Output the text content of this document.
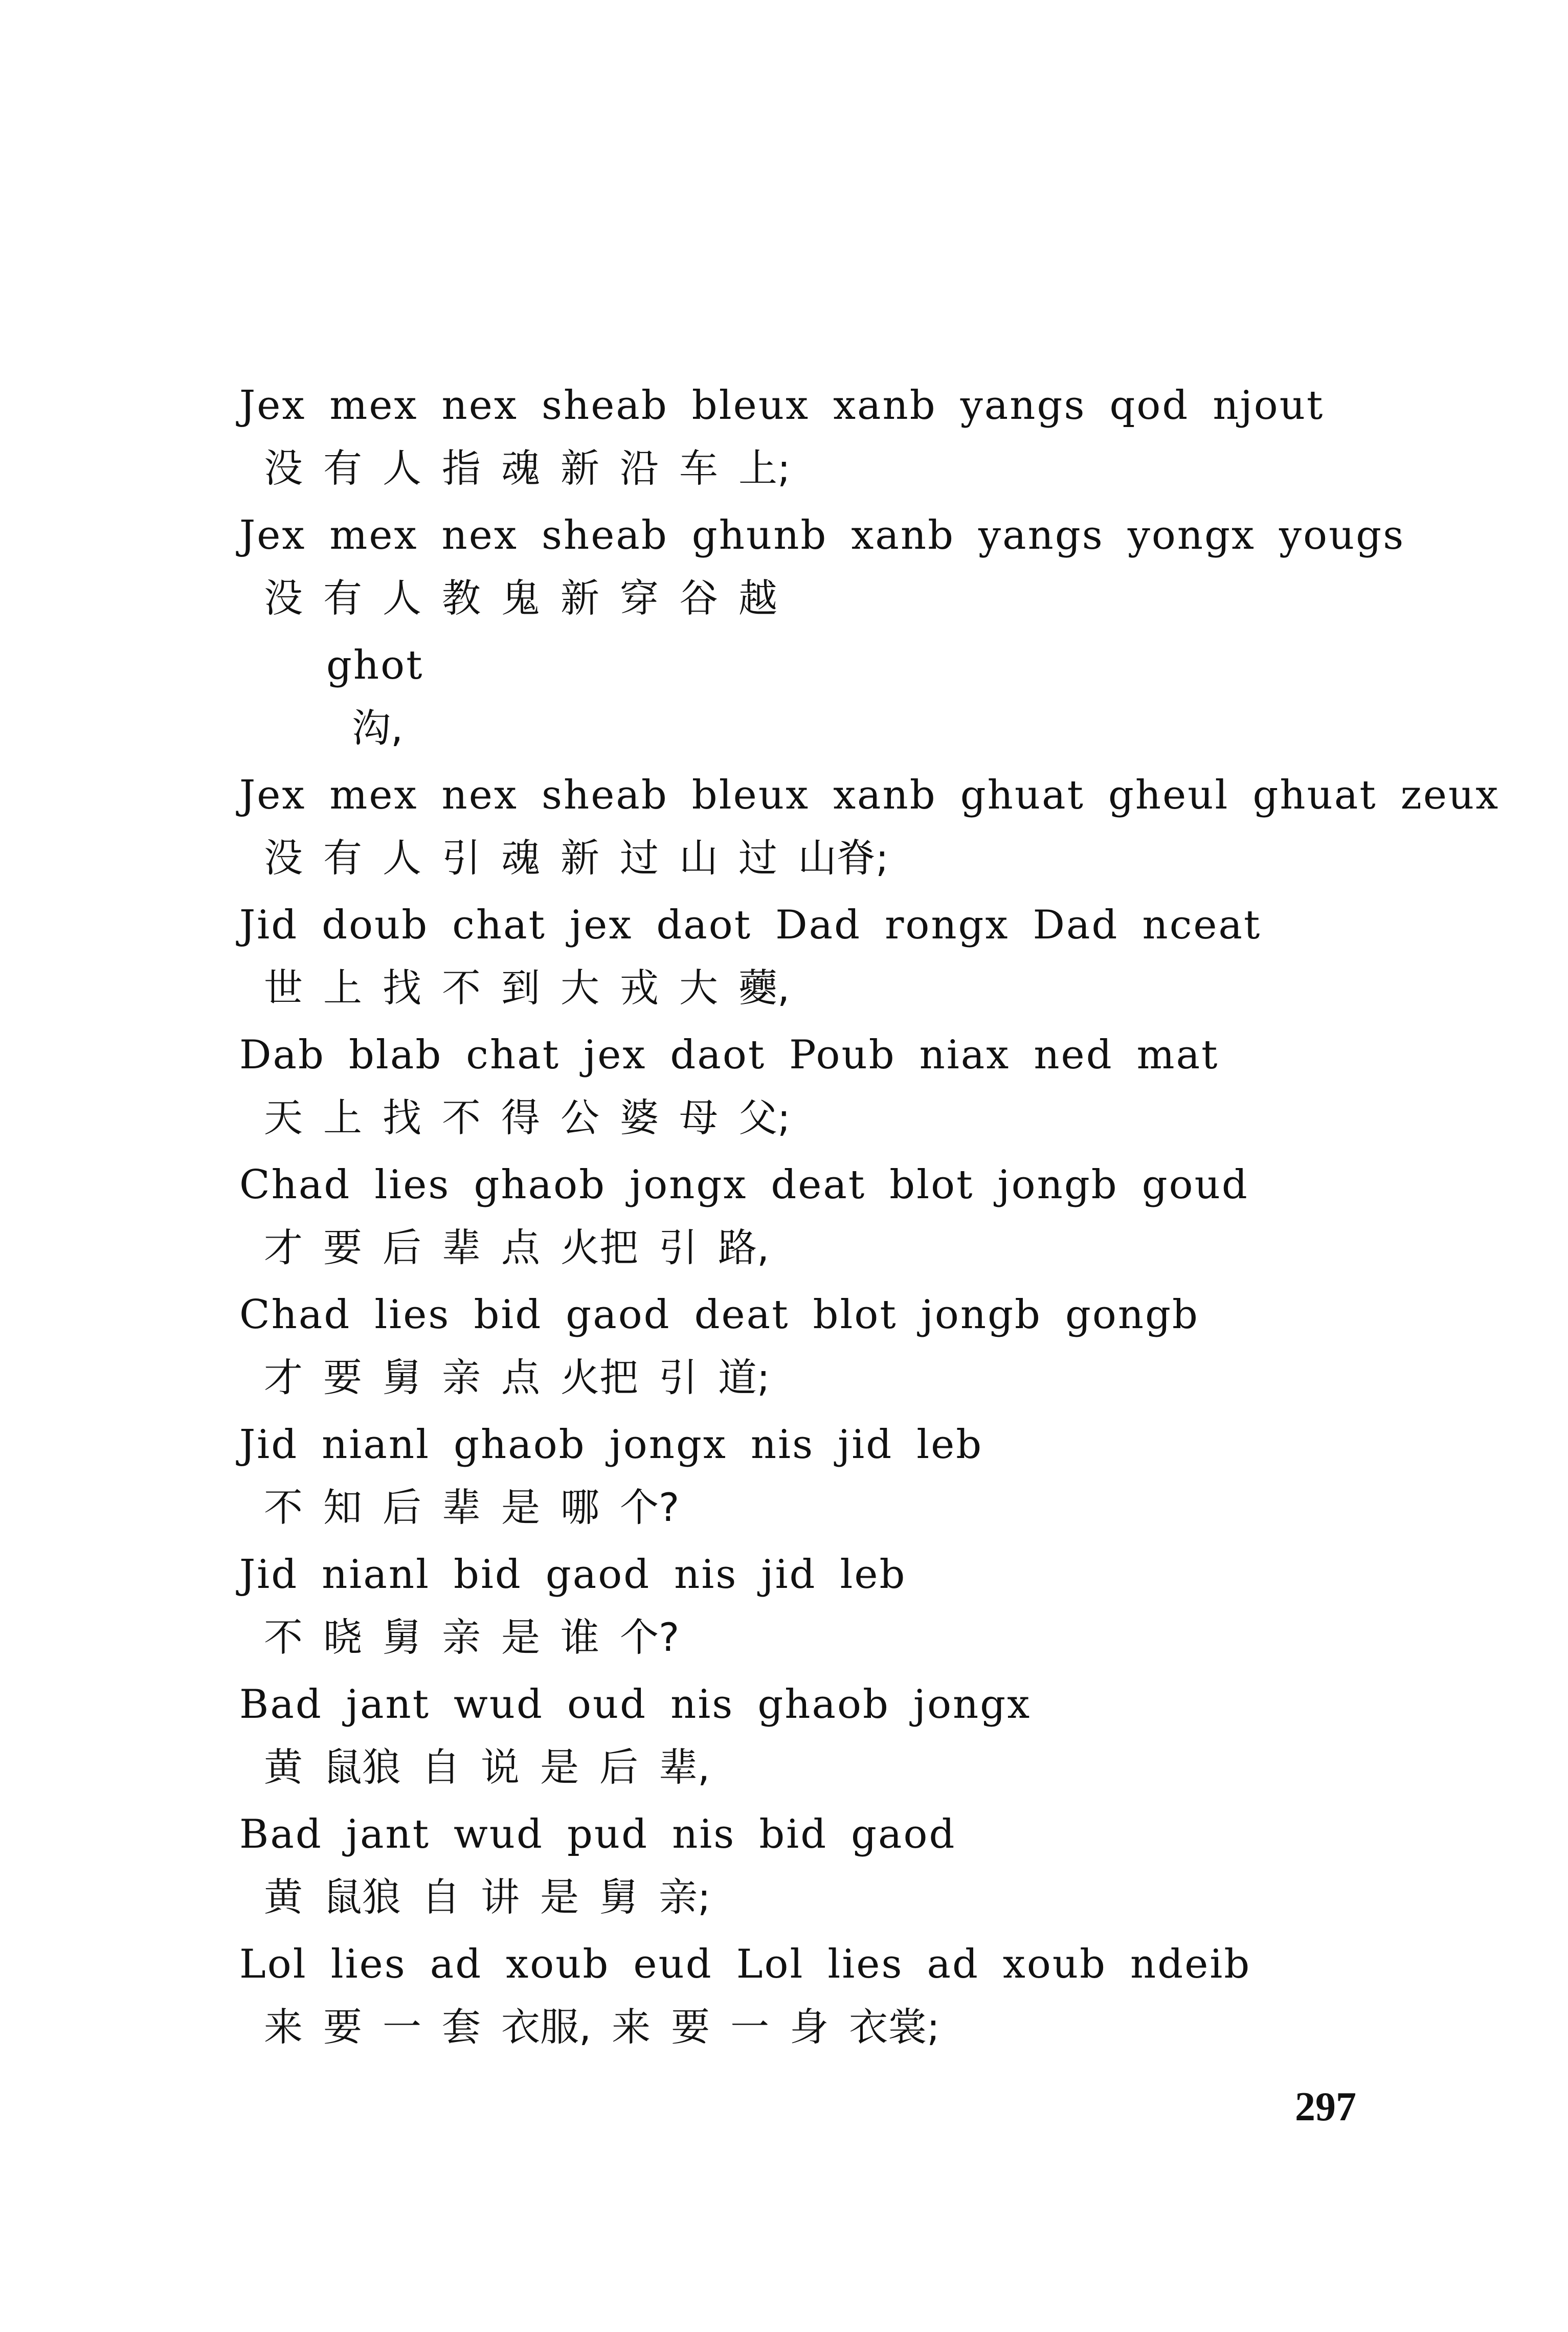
Jex mex nex sheab bleux xanb yangs qod njout
没 有 人 指 魂 新 沿 车 上;
Jex mex nex sheab ghunb xanb yangs yongx yougs
没 有 人 教 鬼 新 穿 谷 越
ghot
沟,
Jex mex nex sheab bleux xanb ghuat gheul ghuat zeux
没 有 人 引 魂 新 过 山 过 山脊;
Jid doub chat jex daot Dad rongx Dad nceat
世 上 找 不 到 大 戎 大 虁,
Dab blab chat jex daot Poub niax ned mat
天 上 找 不 得 公 婆 母 父;
Chad lies ghaob jongx deat blot jongb goud
才 要 后 辈 点 火把 引 路,
Chad lies bid gaod deat blot jongb gongb
才 要 舅 亲 点 火把 引 道;
Jid nianl ghaob jongx nis jid leb
不 知 后 辈 是 哪 个?
Jid nianl bid gaod nis jid leb
不 晓 舅 亲 是 谁 个?
Bad jant wud oud nis ghaob jongx
黄 鼠狼 自 说 是 后 辈,
Bad jant wud pud nis bid gaod
黄 鼠狼 自 讲 是 舅 亲;
Lol lies ad xoub eud Lol lies ad xoub ndeib
来 要 一 套 衣服, 来 要 一 身 衣裳;
297
